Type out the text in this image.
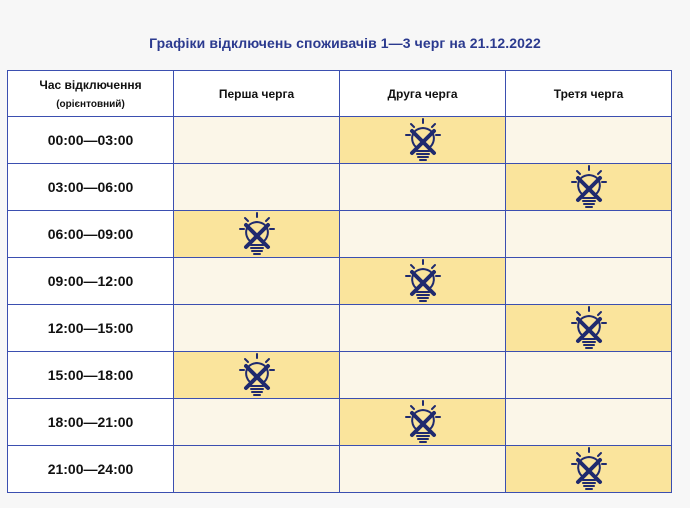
Графіки відключень споживачів 1—3 черг на 21.12.2022
Час відключення
(орієнтовний)	Перша черга	Друга черга	Третя черга
00:00—03:00			
03:00—06:00			
06:00—09:00			
09:00—12:00			
12:00—15:00			
15:00—18:00			
18:00—21:00			
21:00—24:00			
